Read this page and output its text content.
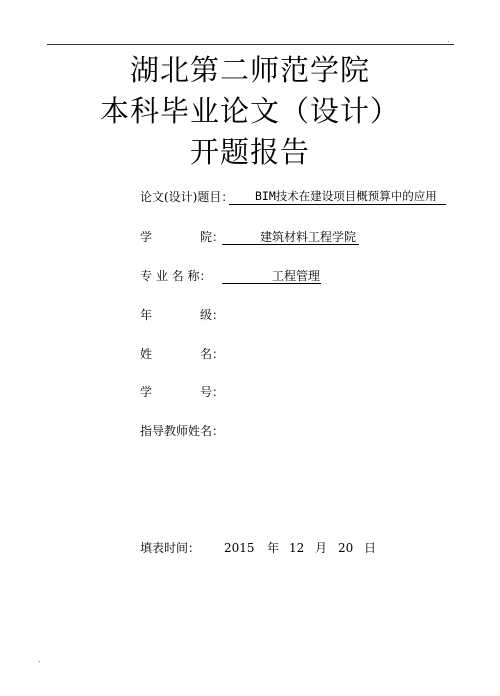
.
湖北第二师范学院
本科毕业论文（设计）
开题报告
论文(设计)题目： BIM技术在建设项目概预算中的应用
学　　　　院：	建筑材料工程学院
专 业 名 称：	工程管理
年　　　　级：
姓　　　　名：
学　　　　号：
指导教师姓名：
填表时间： 2015 年 12 月 20 日
.
